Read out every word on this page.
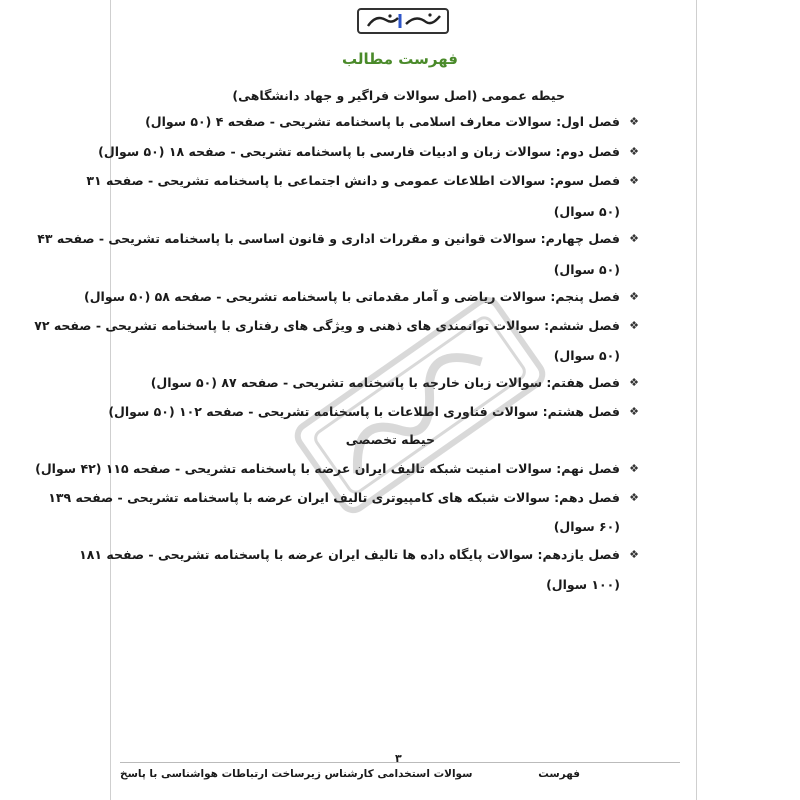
فهرست مطالب
حیطه عمومی (اصل سوالات فراگیر و جهاد دانشگاهی)
❖
فصل اول: سوالات معارف اسلامی با پاسخنامه تشریحی - صفحه ۴ (۵۰ سوال)
❖
فصل دوم: سوالات زبان و ادبیات فارسی با پاسخنامه تشریحی - صفحه ۱۸ (۵۰ سوال)
❖
فصل سوم: سوالات اطلاعات عمومی و دانش اجتماعی با پاسخنامه تشریحی - صفحه ۳۱
(۵۰ سوال)
❖
فصل چهارم: سوالات قوانین و مقررات اداری و قانون اساسی با پاسخنامه تشریحی - صفحه ۴۳
(۵۰ سوال)
❖
فصل پنجم: سوالات ریاضی و آمار مقدماتی با پاسخنامه تشریحی - صفحه ۵۸ (۵۰ سوال)
❖
فصل ششم: سوالات توانمندی های ذهنی و ویژگی های رفتاری با پاسخنامه تشریحی - صفحه ۷۲
(۵۰ سوال)
❖
فصل هفتم: سوالات زبان خارجه با پاسخنامه تشریحی - صفحه ۸۷ (۵۰ سوال)
❖
فصل هشتم: سوالات فناوری اطلاعات با پاسخنامه تشریحی - صفحه ۱۰۲ (۵۰ سوال)
حیطه تخصصی
❖
فصل نهم: سوالات امنیت شبکه تالیف ایران عرضه با پاسخنامه تشریحی - صفحه ۱۱۵ (۴۲ سوال)
❖
فصل دهم: سوالات شبکه های کامپیوتری تالیف ایران عرضه با پاسخنامه تشریحی - صفحه ۱۳۹
(۶۰ سوال)
❖
فصل یازدهم: سوالات پایگاه داده ها تالیف ایران عرضه با پاسخنامه تشریحی - صفحه ۱۸۱
(۱۰۰ سوال)
۳
سوالات استخدامی کارشناس زیرساخت ارتباطات هواشناسی با پاسخ	فهرست
